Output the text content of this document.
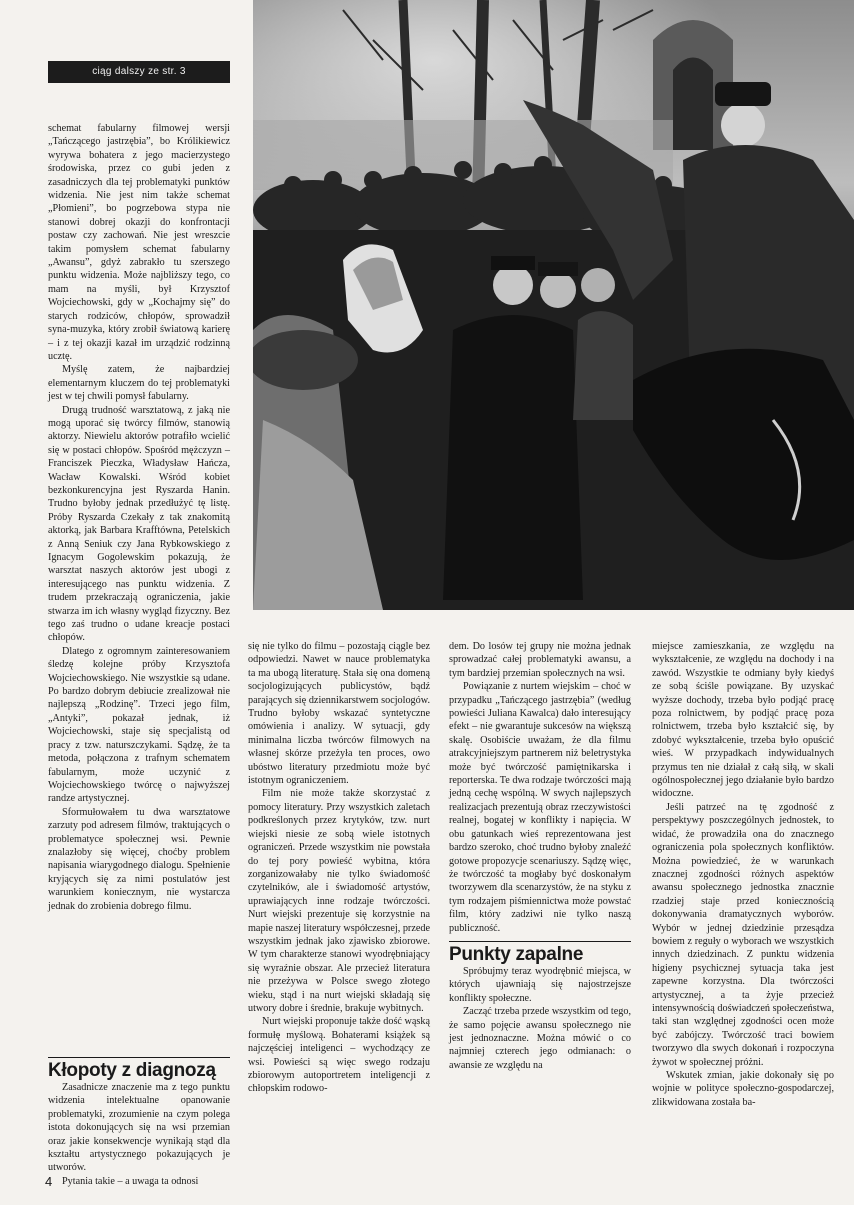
ciąg dalszy ze str. 3

schemat fabularny filmowej wersji „Tańczącego jastrzębia”, bo Królikiewicz wyrywa bohatera z jego macierzystego środowiska, przez co gubi jeden z zasadniczych dla tej problematyki punktów widzenia. Nie jest nim także schemat „Płomieni”, bo pogrzebowa stypa nie stanowi dobrej okazji do konfrontacji postaw czy zachowań. Nie jest wreszcie takim pomysłem schemat fabularny „Awansu”, gdyż zabrakło tu szerszego punktu widzenia. Może najbliższy tego, co mam na myśli, był Krzysztof Wojciechowski, gdy w „Kochajmy się” do starych rodziców, chłopów, sprowadził syna-muzyka, który zrobił światową karierę – i z tej okazji kazał im urządzić rodzinną ucztę.

Myślę zatem, że najbardziej elementarnym kluczem do tej problematyki jest w tej chwili pomysł fabularny.

Drugą trudność warsztatową, z jaką nie mogą uporać się twórcy filmów, stanowią aktorzy. Niewielu aktorów potrafiło wcielić się w postaci chłopów. Spośród mężczyzn – Franciszek Pieczka, Władysław Hańcza, Wacław Kowalski. Wśród kobiet bezkonkurencyjna jest Ryszarda Hanin. Trudno byłoby jednak przedłużyć tę listę. Próby Ryszarda Czekały z tak znakomitą aktorką, jak Barbara Krafftówna, Petelskich z Anną Seniuk czy Jana Rybkowskiego z Ignacym Gogolewskim pokazują, że warsztat naszych aktorów jest ubogi z interesującego nas punktu widzenia. Z trudem przekraczają ograniczenia, jakie stwarza im ich własny wygląd fizyczny. Bez tego zaś trudno o udane kreacje postaci chłopów.

Dlatego z ogromnym zainteresowaniem śledzę kolejne próby Krzysztofa Wojciechowskiego. Nie wszystkie są udane. Po bardzo dobrym debiucie zrealizował nie najlepszą „Rodzinę”. Trzeci jego film, „Antyki”, pokazał jednak, iż Wojciechowski, staje się specjalistą od pracy z tzw. naturszczykami. Sądzę, że ta metoda, połączona z trafnym schematem fabularnym, może uczynić z Wojciechowskiego twórcę o najwyższej randze artystycznej.

Sformułowałem tu dwa warsztatowe zarzuty pod adresem filmów, traktujących o problematyce społecznej wsi. Pewnie znalazłoby się więcej, choćby problem napisania wiarygodnego dialogu. Spełnienie kryjących się za nimi postulatów jest warunkiem koniecznym, nie wystarcza jednak do zrobienia dobrego filmu.

Kłopoty z diagnozą

Zasadnicze znaczenie ma z tego punktu widzenia intelektualne opanowanie problematyki, zrozumienie na czym polega istota dokonujących się na wsi przemian oraz jakie konsekwencje wynikają stąd dla kształtu artystycznego pokazujących je utworów.

Pytania takie – a uwaga ta odnosi

się nie tylko do filmu – pozostają ciągle bez odpowiedzi. Nawet w nauce problematyka ta ma ubogą literaturę. Stała się ona domeną socjologizujących publicystów, bądź parających się dziennikarstwem socjologów. Trudno byłoby wskazać syntetyczne omówienia i analizy. W sytuacji, gdy minimalna liczba twórców filmowych na własnej skórze przeżyła ten proces, owo ubóstwo literatury przedmiotu może być istotnym ograniczeniem.

Film nie może także skorzystać z pomocy literatury. Przy wszystkich zaletach podkreślonych przez krytyków, tzw. nurt wiejski niesie ze sobą wiele istotnych ograniczeń. Przede wszystkim nie powstała do tej pory powieść wybitna, która zorganizowałaby nie tylko świadomość czytelników, ale i świadomość artystów, uprawiających inne rodzaje twórczości. Nurt wiejski prezentuje się korzystnie na mapie naszej literatury współczesnej, przede wszystkim jednak jako zjawisko zbiorowe. W tym charakterze stanowi wyodrębniający się wyraźnie obszar. Ale przecież literatura nie przeżywa w Polsce swego złotego wieku, stąd i na nurt wiejski składają się utwory dobre i średnie, brakuje wybitnych.

Nurt wiejski proponuje także dość wąską formułę myślową. Bohaterami książek są najczęściej inteligenci – wychodzący ze wsi. Powieści są więc swego rodzaju zbiorowym autoportretem inteligencji z chłopskim rodowo-

dem. Do losów tej grupy nie można jednak sprowadzać całej problematyki awansu, a tym bardziej przemian społecznych na wsi.

Powiązanie z nurtem wiejskim – choć w przypadku „Tańczącego jastrzębia” (według powieści Juliana Kawalca) dało interesujący efekt – nie gwarantuje sukcesów na większą skalę. Osobiście uważam, że dla filmu atrakcyjniejszym partnerem niż beletrystyka może być twórczość pamiętnikarska i reporterska. Te dwa rodzaje twórczości mają jedną cechę wspólną. W swych najlepszych realizacjach prezentują obraz rzeczywistości realnej, bogatej w konflikty i napięcia. W obu gatunkach wieś reprezentowana jest bardzo szeroko, choć trudno byłoby znaleźć gotowe propozycje scenariuszy. Sądzę więc, że twórczość ta mogłaby być doskonałym tworzywem dla scenarzystów, że na styku z tym rodzajem piśmiennictwa może powstać film, który zadziwi nie tylko naszą publiczność.

Punkty zapalne

Spróbujmy teraz wyodrębnić miejsca, w których ujawniają się najostrzejsze konflikty społeczne.

Zacząć trzeba przede wszystkim od tego, że samo pojęcie awansu społecznego nie jest jednoznaczne. Można mówić o co najmniej czterech jego odmianach: o awansie ze względu na

miejsce zamieszkania, ze względu na wykształcenie, ze względu na dochody i na zawód. Wszystkie te odmiany były kiedyś ze sobą ściśle powiązane. By uzyskać wyższe dochody, trzeba było podjąć pracę poza rolnictwem, by podjąć pracę poza rolnictwem, trzeba było kształcić się, by zdobyć wykształcenie, trzeba było opuścić wieś. W przypadkach indywidualnych przymus ten nie działał z całą siłą, w skali ogólnospołecznej jego działanie było bardzo widoczne.

Jeśli patrzeć na tę zgodność z perspektywy poszczególnych jednostek, to widać, że prowadziła ona do znacznego ograniczenia pola społecznych konfliktów. Można powiedzieć, że w warunkach znacznej zgodności różnych aspektów awansu społecznego jednostka znacznie rzadziej staje przed koniecznością dokonywania dramatycznych wyborów. Wybór w jednej dziedzinie przesądza bowiem z reguły o wyborach we wszystkich innych dziedzinach. Z punktu widzenia higieny psychicznej sytuacja taka jest zapewne korzystna. Dla twórczości artystycznej, a ta żyje przecież intensywnością doświadczeń społeczeństwa, taki stan względnej zgodności ocen może być zabójczy. Twórczość traci bowiem tworzywo dla swych dokonań i rozpoczyna żywot w społecznej próżni.

Wskutek zmian, jakie dokonały się po wojnie w polityce społeczno-gospodarczej, zlikwidowana została ba-

4
